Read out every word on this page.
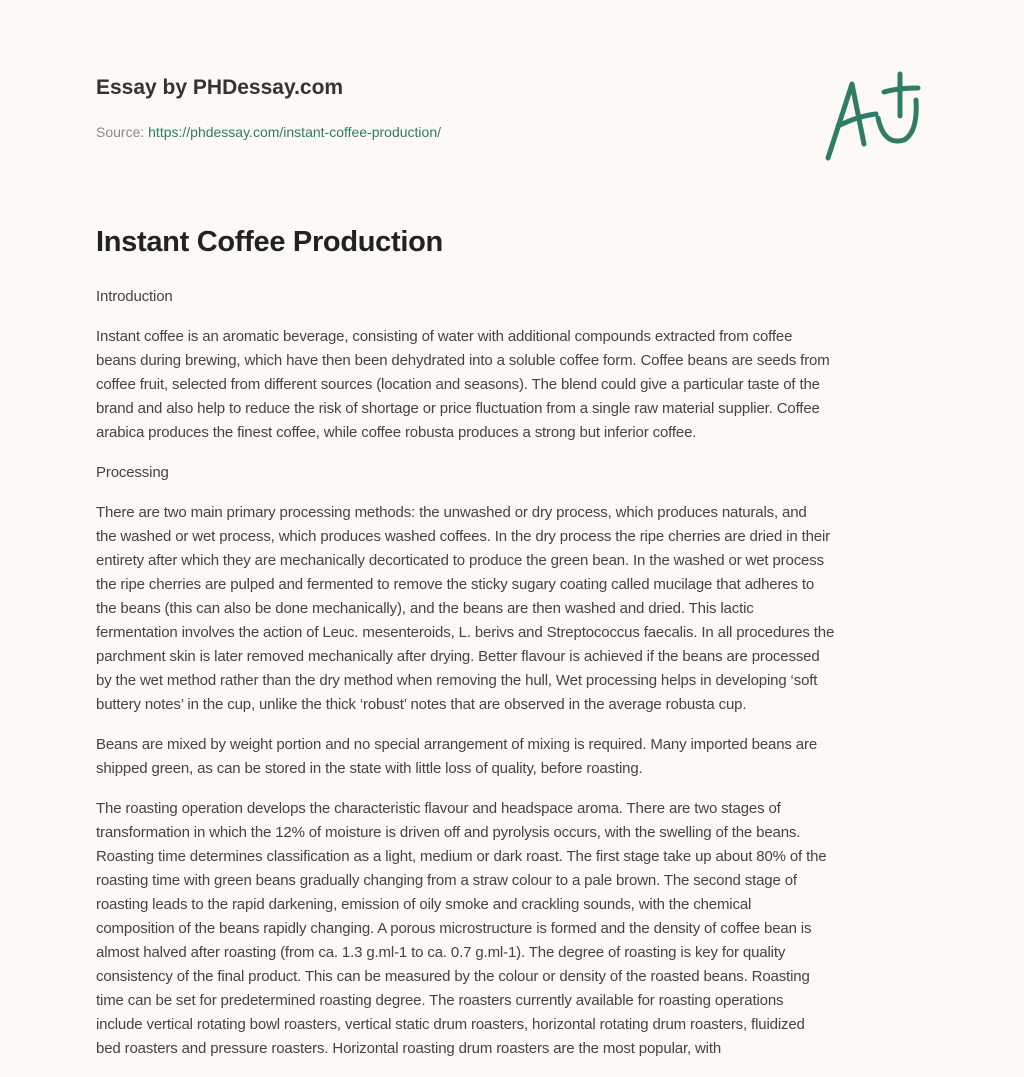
Essay by PHDessay.com
Source: https://phdessay.com/instant-coffee-production/
Instant Coffee Production

Introduction

Instant coffee is an aromatic beverage, consisting of water with additional compounds extracted from coffee
beans during brewing, which have then been dehydrated into a soluble coffee form. Coffee beans are seeds from
coffee fruit, selected from different sources (location and seasons). The blend could give a particular taste of the
brand and also help to reduce the risk of shortage or price fluctuation from a single raw material supplier. Coffee
arabica produces the finest coffee, while coffee robusta produces a strong but inferior coffee.

Processing

There are two main primary processing methods: the unwashed or dry process, which produces naturals, and
the washed or wet process, which produces washed coffees. In the dry process the ripe cherries are dried in their
entirety after which they are mechanically decorticated to produce the green bean. In the washed or wet process
the ripe cherries are pulped and fermented to remove the sticky sugary coating called mucilage that adheres to
the beans (this can also be done mechanically), and the beans are then washed and dried. This lactic
fermentation involves the action of Leuc. mesenteroids, L. berivs and Streptococcus faecalis. In all procedures the
parchment skin is later removed mechanically after drying. Better flavour is achieved if the beans are processed
by the wet method rather than the dry method when removing the hull, Wet processing helps in developing ‘soft
buttery notes’ in the cup, unlike the thick ‘robust’ notes that are observed in the average robusta cup.

Beans are mixed by weight portion and no special arrangement of mixing is required. Many imported beans are
shipped green, as can be stored in the state with little loss of quality, before roasting.

The roasting operation develops the characteristic flavour and headspace aroma. There are two stages of
transformation in which the 12% of moisture is driven off and pyrolysis occurs, with the swelling of the beans.
Roasting time determines classification as a light, medium or dark roast. The first stage take up about 80% of the
roasting time with green beans gradually changing from a straw colour to a pale brown. The second stage of
roasting leads to the rapid darkening, emission of oily smoke and crackling sounds, with the chemical
composition of the beans rapidly changing. A porous microstructure is formed and the density of coffee bean is
almost halved after roasting (from ca. 1.3 g.ml-1 to ca. 0.7 g.ml-1). The degree of roasting is key for quality
consistency of the final product. This can be measured by the colour or density of the roasted beans. Roasting
time can be set for predetermined roasting degree. The roasters currently available for roasting operations
include vertical rotating bowl roasters, vertical static drum roasters, horizontal rotating drum roasters, fluidized
bed roasters and pressure roasters. Horizontal roasting drum roasters are the most popular, with
